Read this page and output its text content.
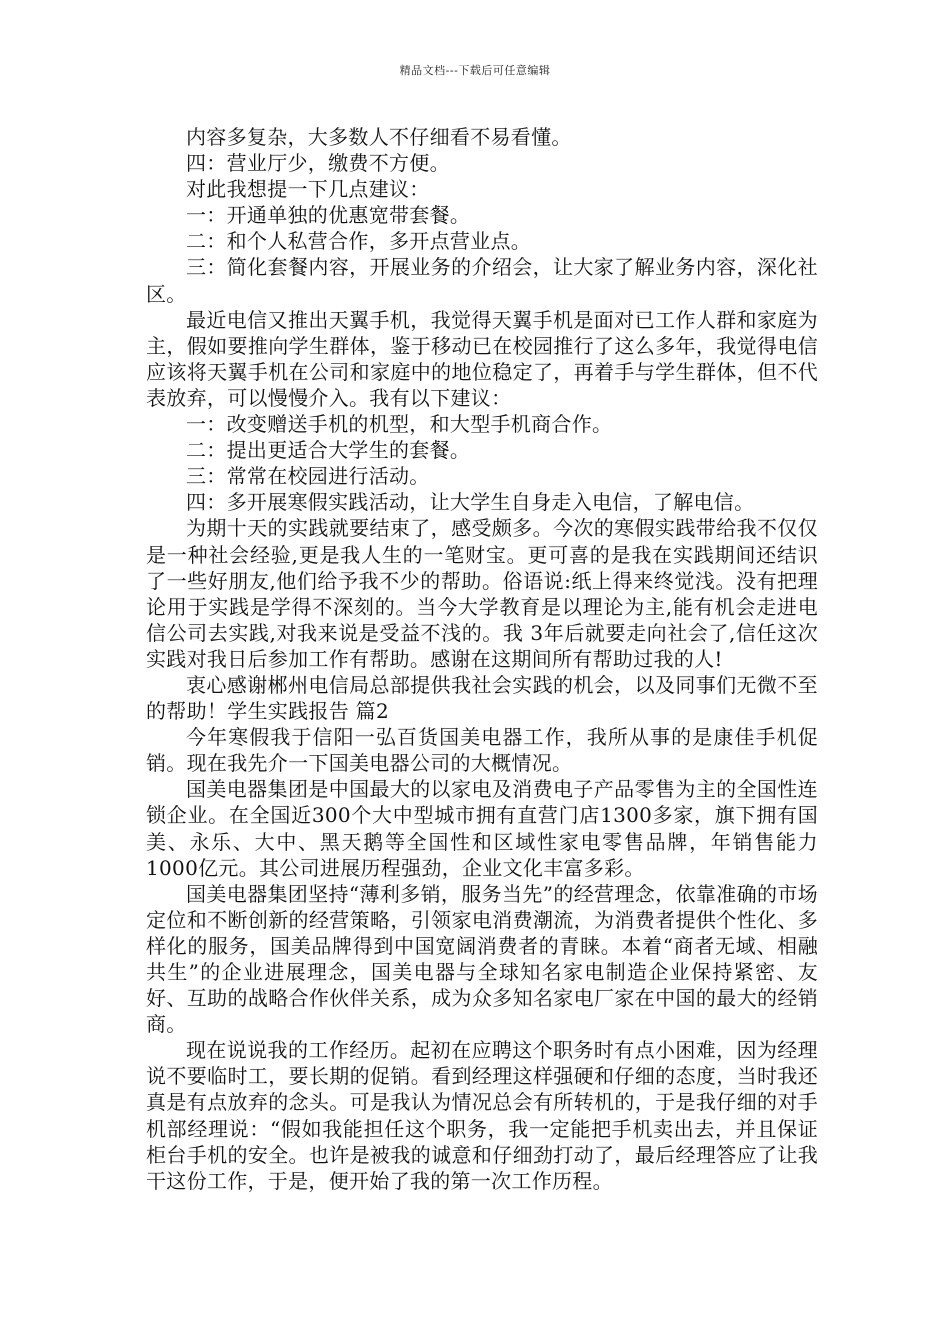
精品文档---下载后可任意编辑

内容多复杂，大多数人不仔细看不易看懂。

四：营业厅少，缴费不方便。

对此我想提一下几点建议：

一：开通单独的优惠宽带套餐。

二：和个人私营合作，多开点营业点。

三：简化套餐内容，开展业务的介绍会，让大家了解业务内容，深化社区。

最近电信又推出天翼手机，我觉得天翼手机是面对已工作人群和家庭为主，假如要推向学生群体，鉴于移动已在校园推行了这么多年，我觉得电信应该将天翼手机在公司和家庭中的地位稳定了，再着手与学生群体，但不代表放弃，可以慢慢介入。我有以下建议：

一：改变赠送手机的机型，和大型手机商合作。

二：提出更适合大学生的套餐。

三：常常在校园进行活动。

四：多开展寒假实践活动，让大学生自身走入电信，了解电信。

为期十天的实践就要结束了，感受颇多。今次的寒假实践带给我不仅仅是一种社会经验,更是我人生的一笔财宝。更可喜的是我在实践期间还结识了一些好朋友,他们给予我不少的帮助。俗语说:纸上得来终觉浅。没有把理论用于实践是学得不深刻的。当今大学教育是以理论为主,能有机会走进电信公司去实践,对我来说是受益不浅的。我 3年后就要走向社会了,信任这次实践对我日后参加工作有帮助。感谢在这期间所有帮助过我的人!

衷心感谢郴州电信局总部提供我社会实践的机会，以及同事们无微不至的帮助！学生实践报告 篇2

今年寒假我于信阳一弘百货国美电器工作，我所从事的是康佳手机促销。现在我先介一下国美电器公司的大概情况。

国美电器集团是中国最大的以家电及消费电子产品零售为主的全国性连锁企业。在全国近300个大中型城市拥有直营门店1300多家，旗下拥有国美、永乐、大中、黑天鹅等全国性和区域性家电零售品牌，年销售能力1000亿元。其公司进展历程强劲，企业文化丰富多彩。

国美电器集团坚持“薄利多销，服务当先”的经营理念，依靠准确的市场定位和不断创新的经营策略，引领家电消费潮流，为消费者提供个性化、多样化的服务，国美品牌得到中国宽阔消费者的青睐。本着“商者无域、相融共生”的企业进展理念，国美电器与全球知名家电制造企业保持紧密、友好、互助的战略合作伙伴关系，成为众多知名家电厂家在中国的最大的经销商。

现在说说我的工作经历。起初在应聘这个职务时有点小困难，因为经理说不要临时工，要长期的促销。看到经理这样强硬和仔细的态度，当时我还真是有点放弃的念头。可是我认为情况总会有所转机的，于是我仔细的对手机部经理说：“假如我能担任这个职务，我一定能把手机卖出去，并且保证柜台手机的安全。也许是被我的诚意和仔细劲打动了，最后经理答应了让我干这份工作，于是，便开始了我的第一次工作历程。
